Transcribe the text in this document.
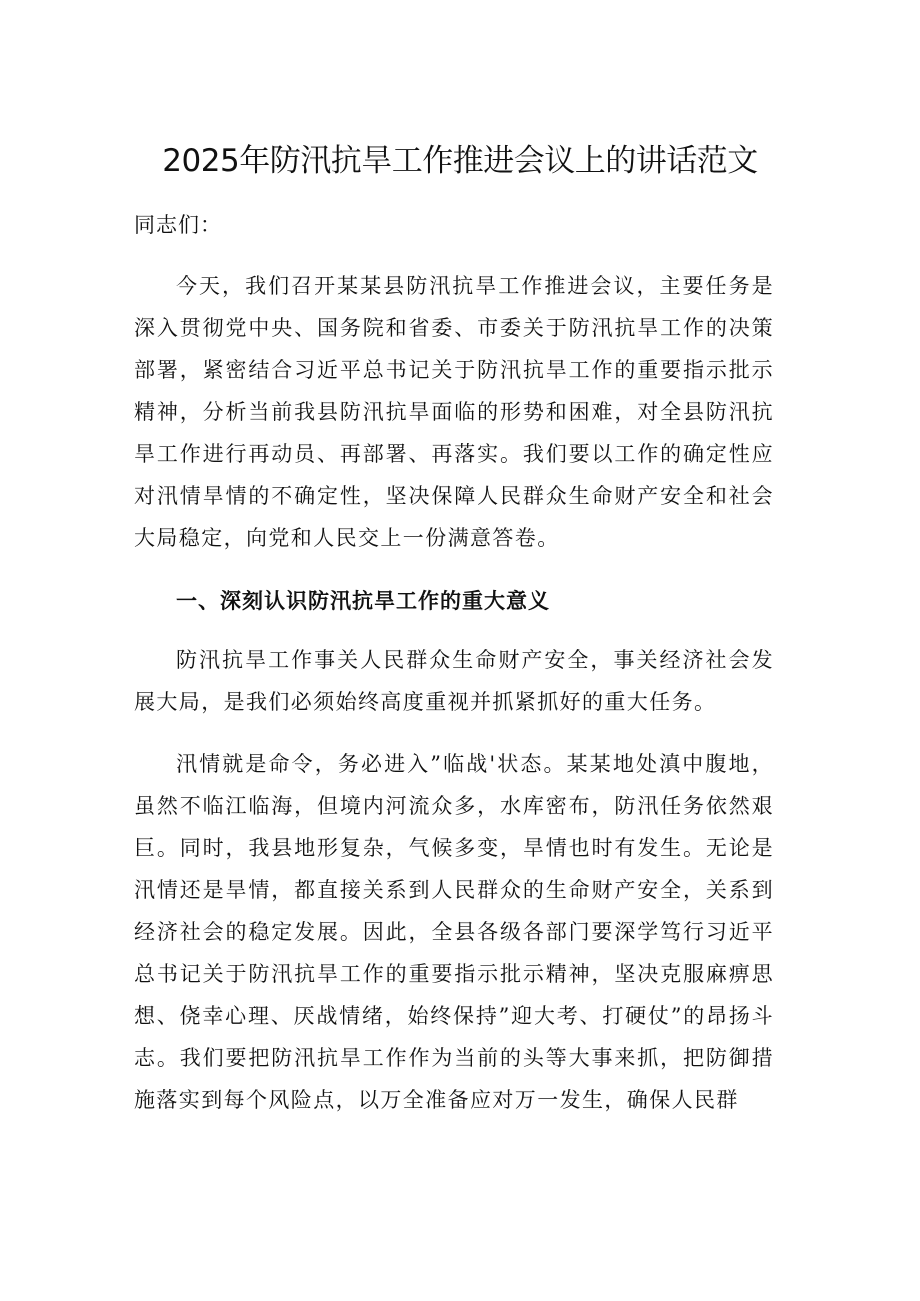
2025年防汛抗旱工作推进会议上的讲话范文

同志们：

今天，我们召开某某县防汛抗旱工作推进会议，主要任务是深入贯彻党中央、国务院和省委、市委关于防汛抗旱工作的决策部署，紧密结合习近平总书记关于防汛抗旱工作的重要指示批示精神，分析当前我县防汛抗旱面临的形势和困难，对全县防汛抗旱工作进行再动员、再部署、再落实。我们要以工作的确定性应对汛情旱情的不确定性，坚决保障人民群众生命财产安全和社会大局稳定，向党和人民交上一份满意答卷。

一、深刻认识防汛抗旱工作的重大意义

防汛抗旱工作事关人民群众生命财产安全，事关经济社会发展大局，是我们必须始终高度重视并抓紧抓好的重大任务。

汛情就是命令，务必进入”临战'状态。某某地处滇中腹地，虽然不临江临海，但境内河流众多，水库密布，防汛任务依然艰巨。同时，我县地形复杂，气候多变，旱情也时有发生。无论是汛情还是旱情，都直接关系到人民群众的生命财产安全，关系到经济社会的稳定发展。因此，全县各级各部门要深学笃行习近平总书记关于防汛抗旱工作的重要指示批示精神，坚决克服麻痹思想、侥幸心理、厌战情绪，始终保持”迎大考、打硬仗”的昂扬斗志。我们要把防汛抗旱工作作为当前的头等大事来抓，把防御措施落实到每个风险点，以万全准备应对万一发生，确保人民群
